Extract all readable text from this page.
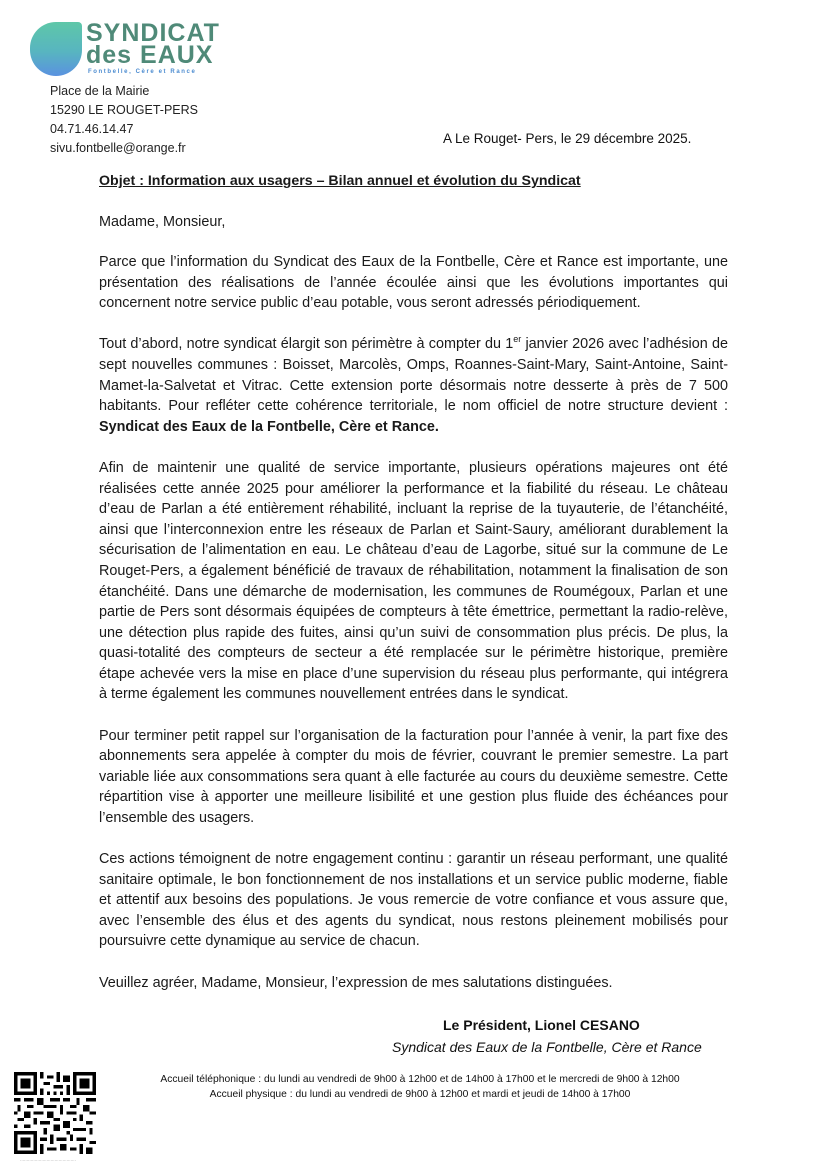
SYNDICAT
des EAUX
Fontbelle, Cère et Rance
Place de la Mairie
15290 LE ROUGET-PERS
04.71.46.14.47
sivu.fontbelle@orange.fr
A Le Rouget- Pers, le 29 décembre 2025.
Objet : Information aux usagers – Bilan annuel et évolution du Syndicat
Madame, Monsieur,

Parce que l’information du Syndicat des Eaux de la Fontbelle, Cère et Rance est importante, une présentation des réalisations de l’année écoulée ainsi que les évolutions importantes qui concernent notre service public d’eau potable, vous seront adressés périodiquement.

Tout d’abord, notre syndicat élargit son périmètre à compter du 1er janvier 2026 avec l’adhésion de sept nouvelles communes : Boisset, Marcolès, Omps, Roannes-Saint-Mary, Saint-Antoine, Saint-Mamet-la-Salvetat et Vitrac. Cette extension porte désormais notre desserte à près de 7 500 habitants. Pour refléter cette cohérence territoriale, le nom officiel de notre structure devient : Syndicat des Eaux de la Fontbelle, Cère et Rance.

Afin de maintenir une qualité de service importante, plusieurs opérations majeures ont été réalisées cette année 2025 pour améliorer la performance et la fiabilité du réseau. Le château d’eau de Parlan a été entièrement réhabilité, incluant la reprise de la tuyauterie, de l’étanchéité, ainsi que l’interconnexion entre les réseaux de Parlan et Saint-Saury, améliorant durablement la sécurisation de l’alimentation en eau. Le château d’eau de Lagorbe, situé sur la commune de Le Rouget-Pers, a également bénéficié de travaux de réhabilitation, notamment la finalisation de son étanchéité. Dans une démarche de modernisation, les communes de Roumégoux, Parlan et une partie de Pers sont désormais équipées de compteurs à tête émettrice, permettant la radio-relève, une détection plus rapide des fuites, ainsi qu’un suivi de consommation plus précis. De plus, la quasi-totalité des compteurs de secteur a été remplacée sur le périmètre historique, première étape achevée vers la mise en place d’une supervision du réseau plus performante, qui intégrera à terme également les communes nouvellement entrées dans le syndicat.

Pour terminer petit rappel sur l’organisation de la facturation pour l’année à venir, la part fixe des abonnements sera appelée à compter du mois de février, couvrant le premier semestre. La part variable liée aux consommations sera quant à elle facturée au cours du deuxième semestre. Cette répartition vise à apporter une meilleure lisibilité et une gestion plus fluide des échéances pour l’ensemble des usagers.

Ces actions témoignent de notre engagement continu : garantir un réseau performant, une qualité sanitaire optimale, le bon fonctionnement de nos installations et un service public moderne, fiable et attentif aux besoins des populations. Je vous remercie de votre confiance et vous assure que, avec l’ensemble des élus et des agents du syndicat, nous restons pleinement mobilisés pour poursuivre cette dynamique au service de chacun.

Veuillez agréer, Madame, Monsieur, l’expression de mes salutations distinguées.

Le Président, Lionel CESANO
Syndicat des Eaux de la Fontbelle, Cère et Rance
··········································
Accueil téléphonique : du lundi au vendredi de 9h00 à 12h00 et de 14h00 à 17h00 et le mercredi de 9h00 à 12h00
Accueil physique : du lundi au vendredi de 9h00 à 12h00 et mardi et jeudi de 14h00 à 17h00
